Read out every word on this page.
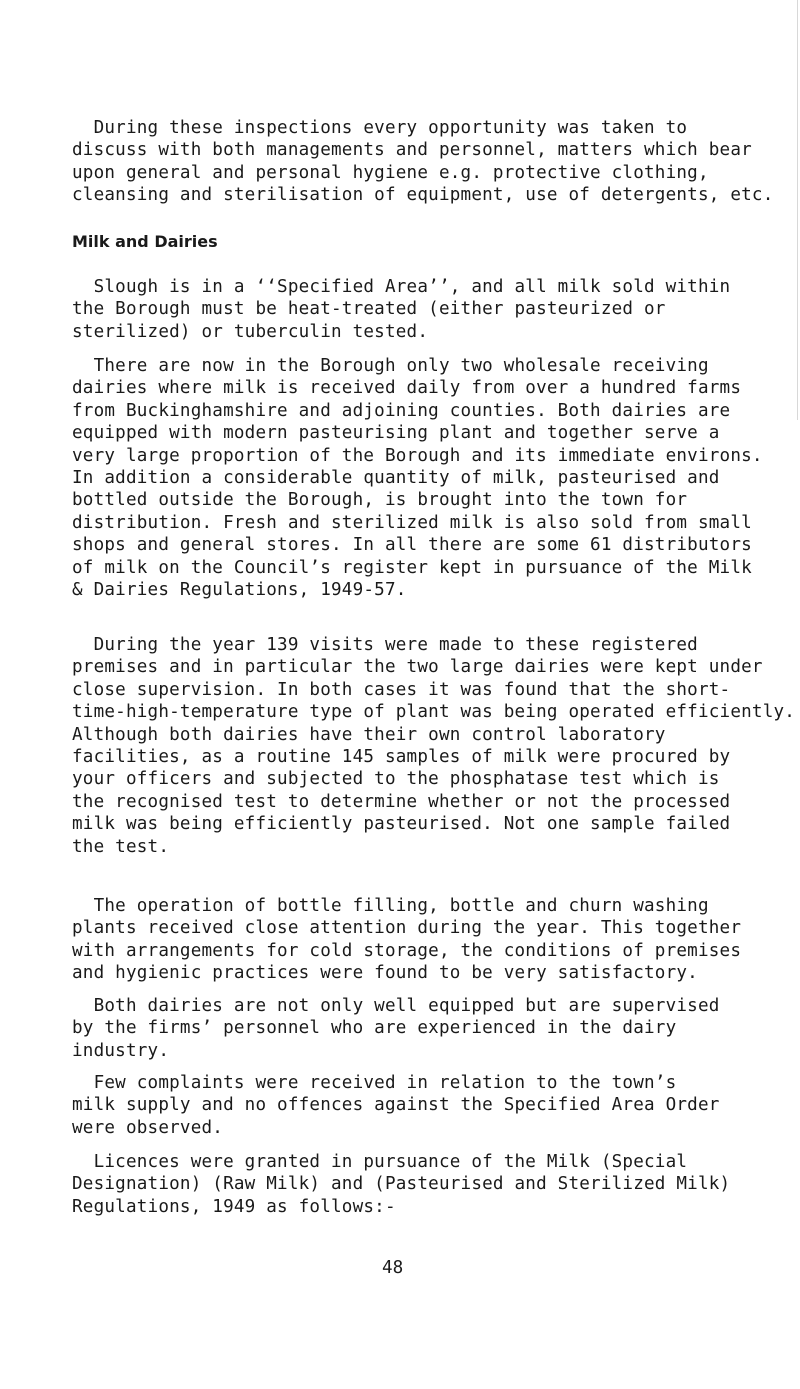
During these inspections every opportunity was taken to
discuss with both managements and personnel, matters which bear
upon general and personal hygiene e.g. protective clothing,
cleansing and sterilisation of equipment, use of detergents, etc.

Milk and Dairies

Slough is in a ‘‘Specified Area’’, and all milk sold within
the Borough must be heat-treated (either pasteurized or
sterilized) or tuberculin tested.

There are now in the Borough only two wholesale receiving
dairies where milk is received daily from over a hundred farms
from Buckinghamshire and adjoining counties. Both dairies are
equipped with modern pasteurising plant and together serve a
very large proportion of the Borough and its immediate environs.
In addition a considerable quantity of milk, pasteurised and
bottled outside the Borough, is brought into the town for
distribution. Fresh and sterilized milk is also sold from small
shops and general stores. In all there are some 61 distributors
of milk on the Council’s register kept in pursuance of the Milk
& Dairies Regulations, 1949-57.

During the year 139 visits were made to these registered
premises and in particular the two large dairies were kept under
close supervision. In both cases it was found that the short-
time-high-temperature type of plant was being operated efficiently.
Although both dairies have their own control laboratory
facilities, as a routine 145 samples of milk were procured by
your officers and subjected to the phosphatase test which is
the recognised test to determine whether or not the processed
milk was being efficiently pasteurised. Not one sample failed
the test.

The operation of bottle filling, bottle and churn washing
plants received close attention during the year. This together
with arrangements for cold storage, the conditions of premises
and hygienic practices were found to be very satisfactory.

Both dairies are not only well equipped but are supervised
by the firms’ personnel who are experienced in the dairy
industry.

Few complaints were received in relation to the town’s
milk supply and no offences against the Specified Area Order
were observed.

Licences were granted in pursuance of the Milk (Special
Designation) (Raw Milk) and (Pasteurised and Sterilized Milk)
Regulations, 1949 as follows:-

48
